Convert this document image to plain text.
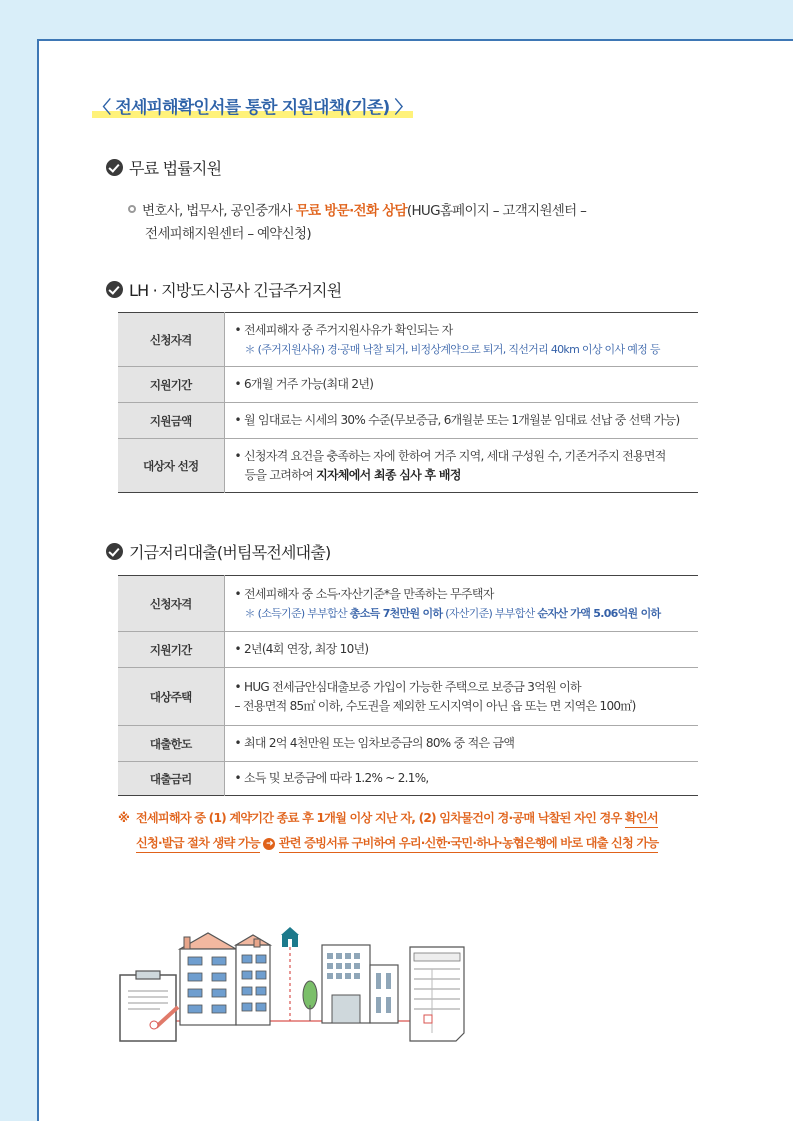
〈 전세피해확인서를 통한 지원대책(기존) 〉
무료 법률지원
변호사, 법무사, 공인중개사 무료 방문·전화 상담(HUG홈페이지 – 고객지원센터 –
전세피해지원센터 – 예약신청)
LH · 지방도시공사 긴급주거지원
신청자격	• 전세피해자 중 주거지원사유가 확인되는 자
＊ (주거지원사유) 경·공매 낙찰 퇴거, 비정상계약으로 퇴거, 직선거리 40km 이상 이사 예정 등

지원기간	• 6개월 거주 가능(최대 2년)
지원금액	• 월 임대료는 시세의 30% 수준(무보증금, 6개월분 또는 1개월분 임대료 선납 중 선택 가능)
대상자 선정	• 신청자격 요건을 충족하는 자에 한하여 거주 지역, 세대 구성원 수, 기존거주지 전용면적
등을 고려하여 지자체에서 최종 심사 후 배정
기금저리대출(버팀목전세대출)
신청자격	• 전세피해자 중 소득·자산기준*을 만족하는 무주택자
＊ (소득기준) 부부합산 총소득 7천만원 이하 (자산기준) 부부합산 순자산 가액 5.06억원 이하

지원기간	• 2년(4회 연장, 최장 10년)
대상주택	• HUG 전세금안심대출보증 가입이 가능한 주택으로 보증금 3억원 이하
– 전용면적 85㎡ 이하, 수도권을 제외한 도시지역이 아닌 읍 또는 면 지역은 100㎡)

대출한도	• 최대 2억 4천만원 또는 임차보증금의 80% 중 적은 금액
대출금리	• 소득 및 보증금에 따라 1.2% ~ 2.1%,
※ 전세피해자 중 (1) 계약기간 종료 후 1개월 이상 지난 자, (2) 임차물건이 경·공매 낙찰된 자인 경우 확인서
신청·발급 절차 생략 가능 ➜ 관련 증빙서류 구비하여 우리·신한·국민·하나·농협은행에 바로 대출 신청 가능
